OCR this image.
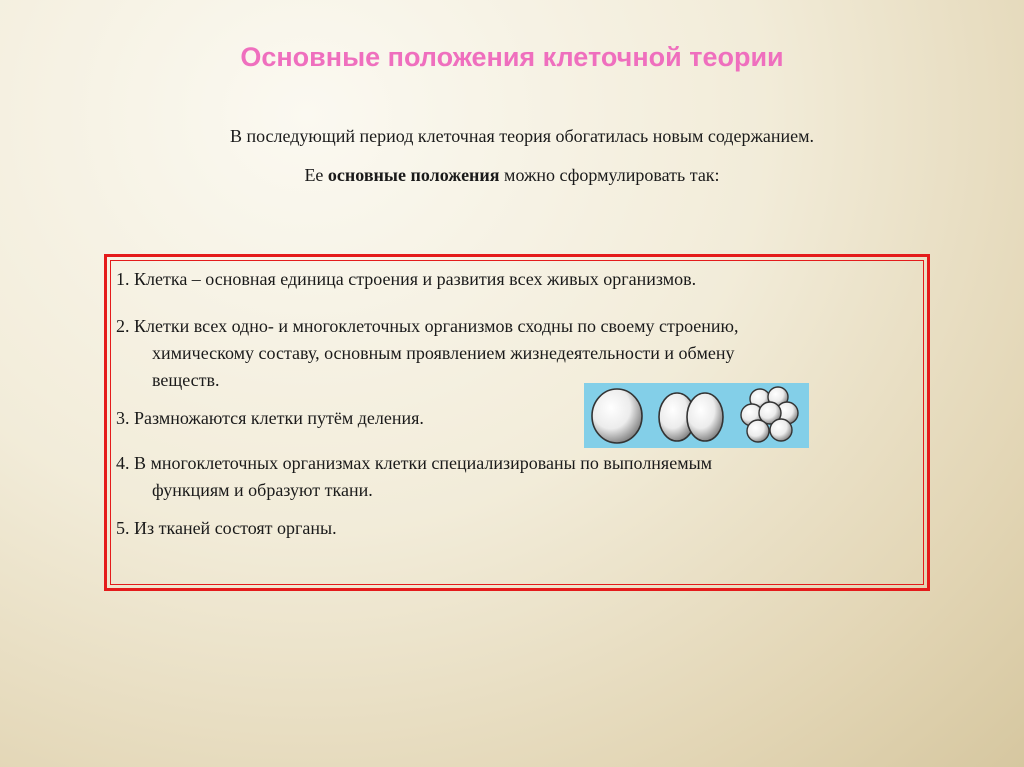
Основные положения клеточной теории
В последующий период клеточная теория обогатилась новым содержанием.
Ее основные положения можно сформулировать так:
1. Клетка – основная единица строения и развития всех живых организмов.
2. Клетки всех одно- и многоклеточных организмов сходны по своему строению,
химическому составу, основным проявлением жизнедеятельности и обмену
веществ.
3. Размножаются клетки путём деления.
4. В многоклеточных организмах клетки специализированы по выполняемым
функциям и образуют ткани.
5. Из тканей состоят органы.
